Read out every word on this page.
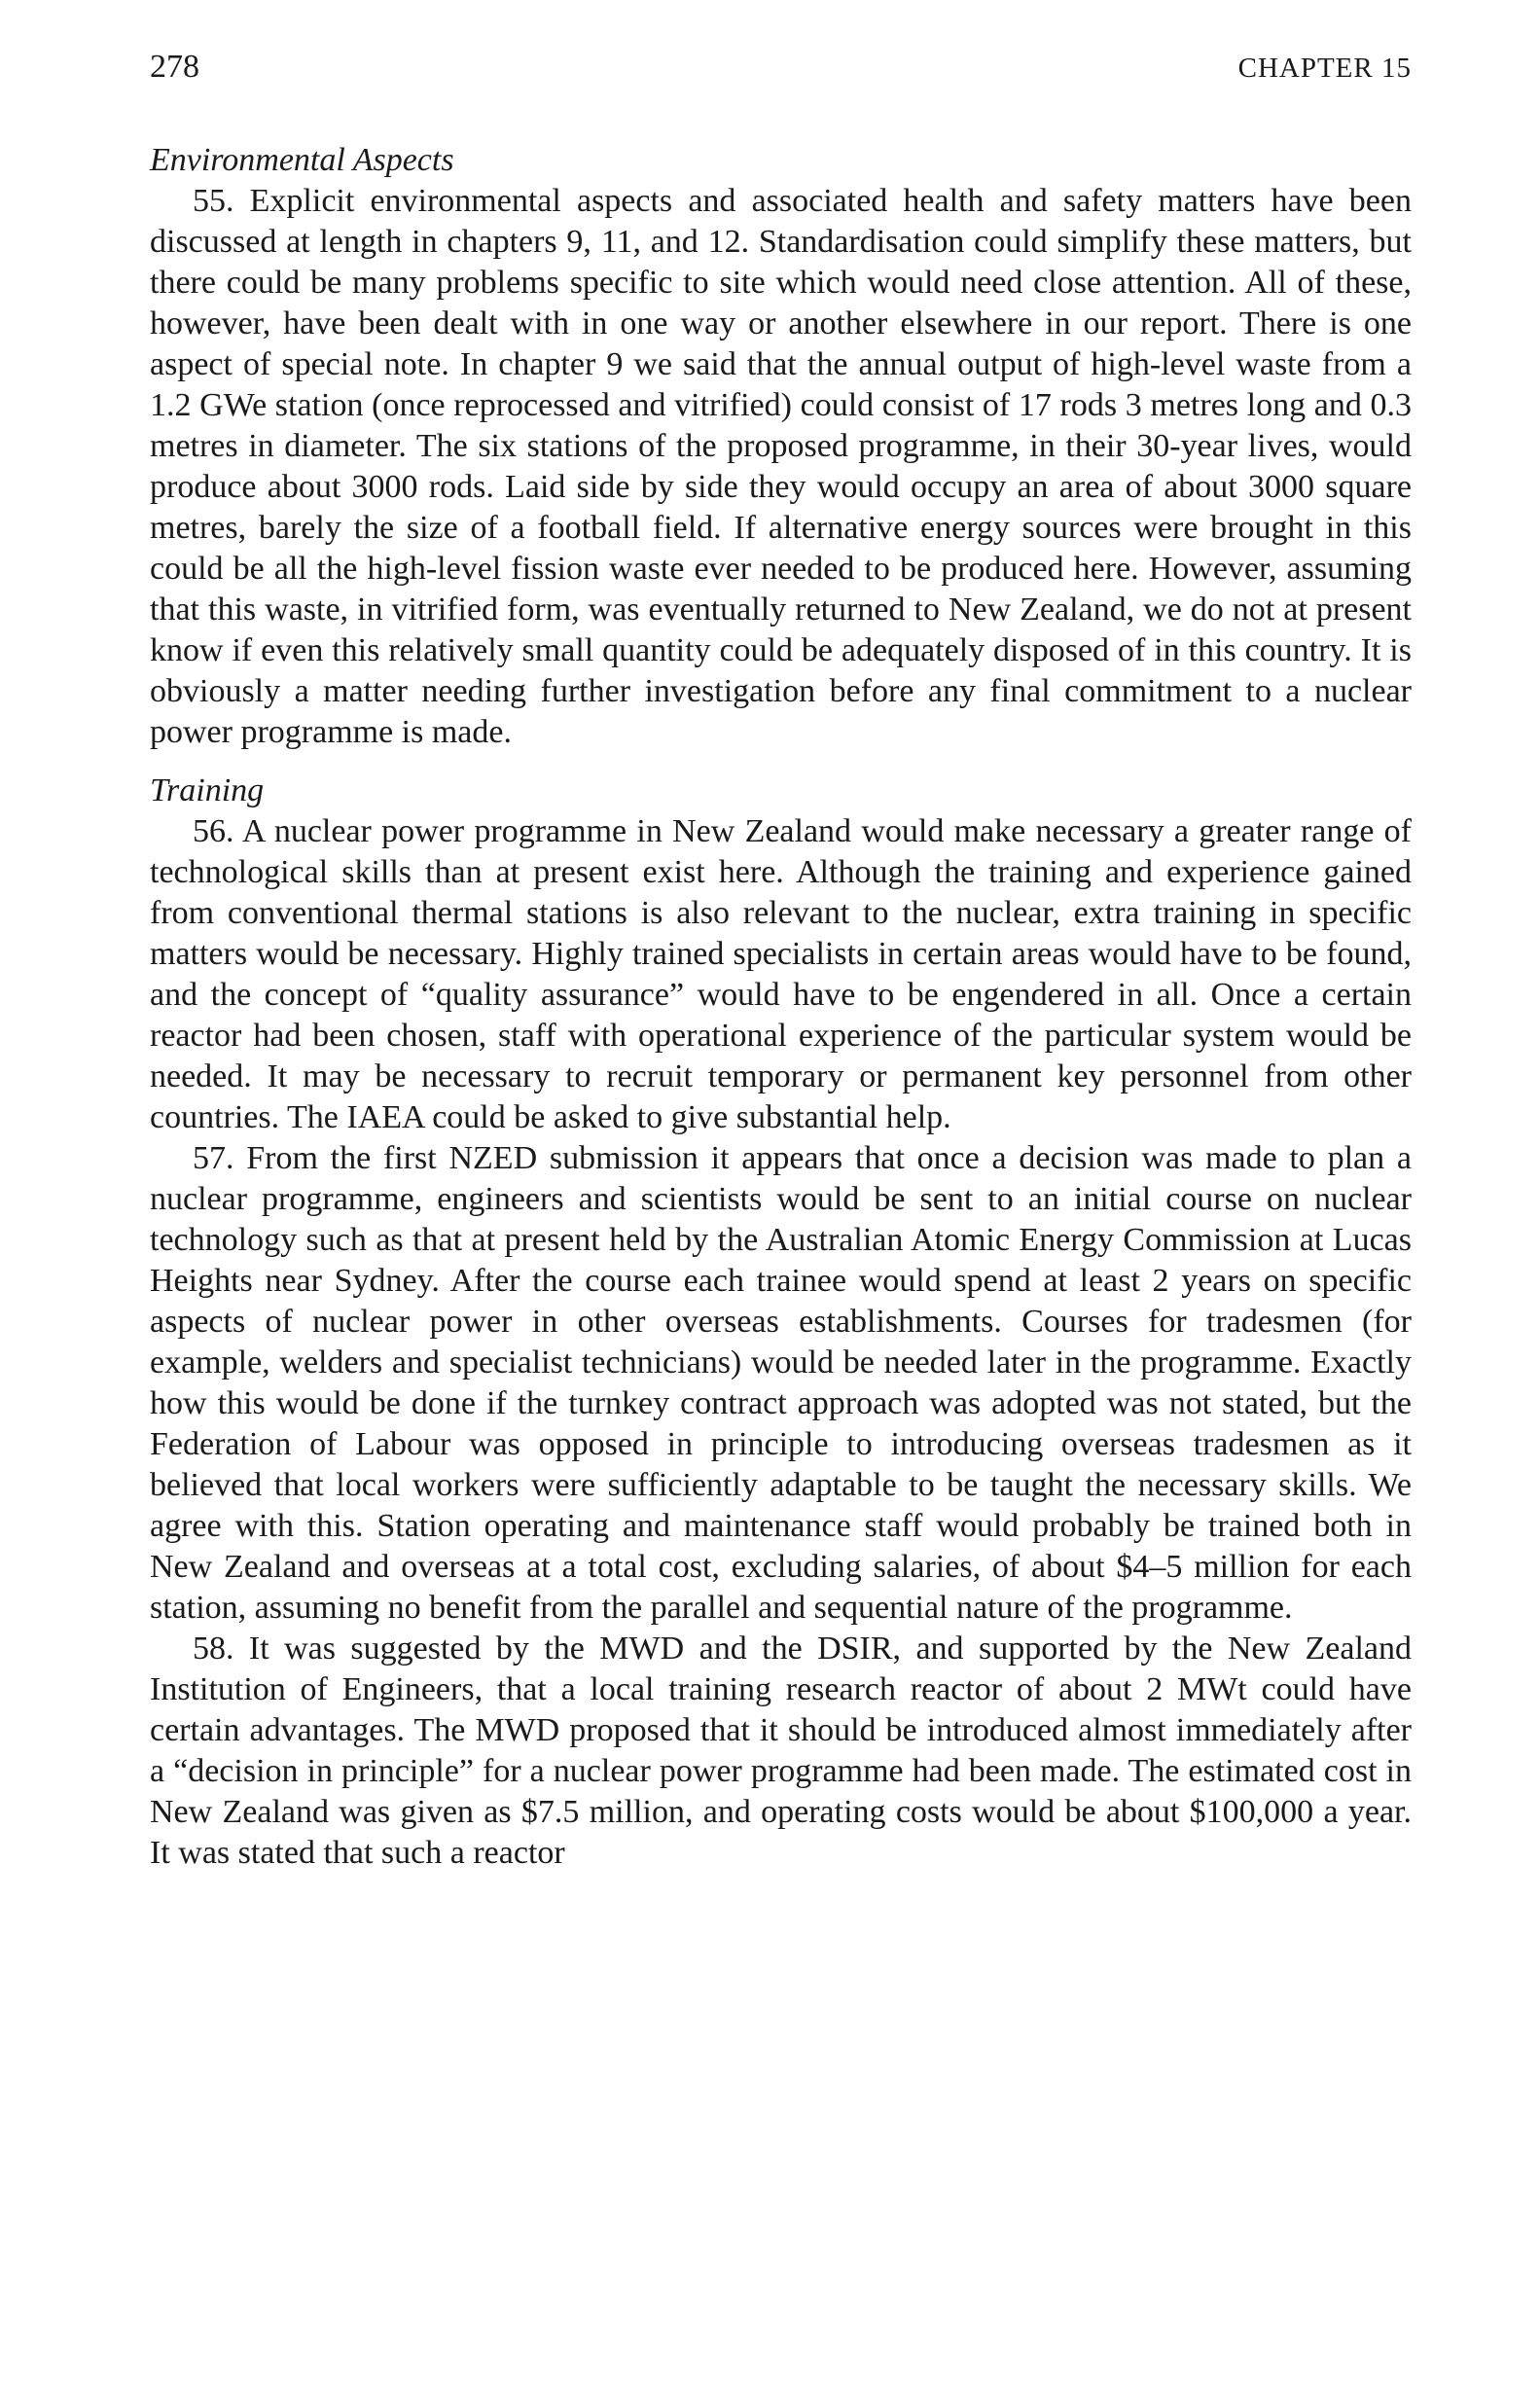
278	CHAPTER 15
Environmental Aspects

55. Explicit environmental aspects and associated health and safety matters have been discussed at length in chapters 9, 11, and 12. Standardisation could simplify these matters, but there could be many problems specific to site which would need close attention. All of these, however, have been dealt with in one way or another elsewhere in our report. There is one aspect of special note. In chapter 9 we said that the annual output of high-level waste from a 1.2 GWe station (once reprocessed and vitrified) could consist of 17 rods 3 metres long and 0.3 metres in diameter. The six stations of the proposed programme, in their 30-year lives, would produce about 3000 rods. Laid side by side they would occupy an area of about 3000 square metres, barely the size of a football field. If alternative energy sources were brought in this could be all the high-level fission waste ever needed to be produced here. However, assuming that this waste, in vitrified form, was eventually returned to New Zealand, we do not at present know if even this relatively small quantity could be adequately disposed of in this country. It is obviously a matter needing further investigation before any final commitment to a nuclear power programme is made.

Training

56. A nuclear power programme in New Zealand would make necessary a greater range of technological skills than at present exist here. Although the training and experience gained from conventional thermal stations is also relevant to the nuclear, extra training in specific matters would be necessary. Highly trained specialists in certain areas would have to be found, and the concept of “quality assurance” would have to be engendered in all. Once a certain reactor had been chosen, staff with operational experience of the particular system would be needed. It may be necessary to recruit temporary or permanent key personnel from other countries. The IAEA could be asked to give substantial help.

57. From the first NZED submission it appears that once a decision was made to plan a nuclear programme, engineers and scientists would be sent to an initial course on nuclear technology such as that at present held by the Australian Atomic Energy Commission at Lucas Heights near Sydney. After the course each trainee would spend at least 2 years on specific aspects of nuclear power in other overseas establishments. Courses for tradesmen (for example, welders and specialist technicians) would be needed later in the programme. Exactly how this would be done if the turnkey contract approach was adopted was not stated, but the Federation of Labour was opposed in principle to introducing overseas tradesmen as it believed that local workers were sufficiently adaptable to be taught the necessary skills. We agree with this. Station operating and maintenance staff would probably be trained both in New Zealand and overseas at a total cost, excluding salaries, of about $4–5 million for each station, assuming no benefit from the parallel and sequential nature of the programme.

58. It was suggested by the MWD and the DSIR, and supported by the New Zealand Institution of Engineers, that a local training research reactor of about 2 MWt could have certain advantages. The MWD proposed that it should be introduced almost immediately after a “decision in principle” for a nuclear power programme had been made. The estimated cost in New Zealand was given as $7.5 million, and operating costs would be about $100,000 a year. It was stated that such a reactor
